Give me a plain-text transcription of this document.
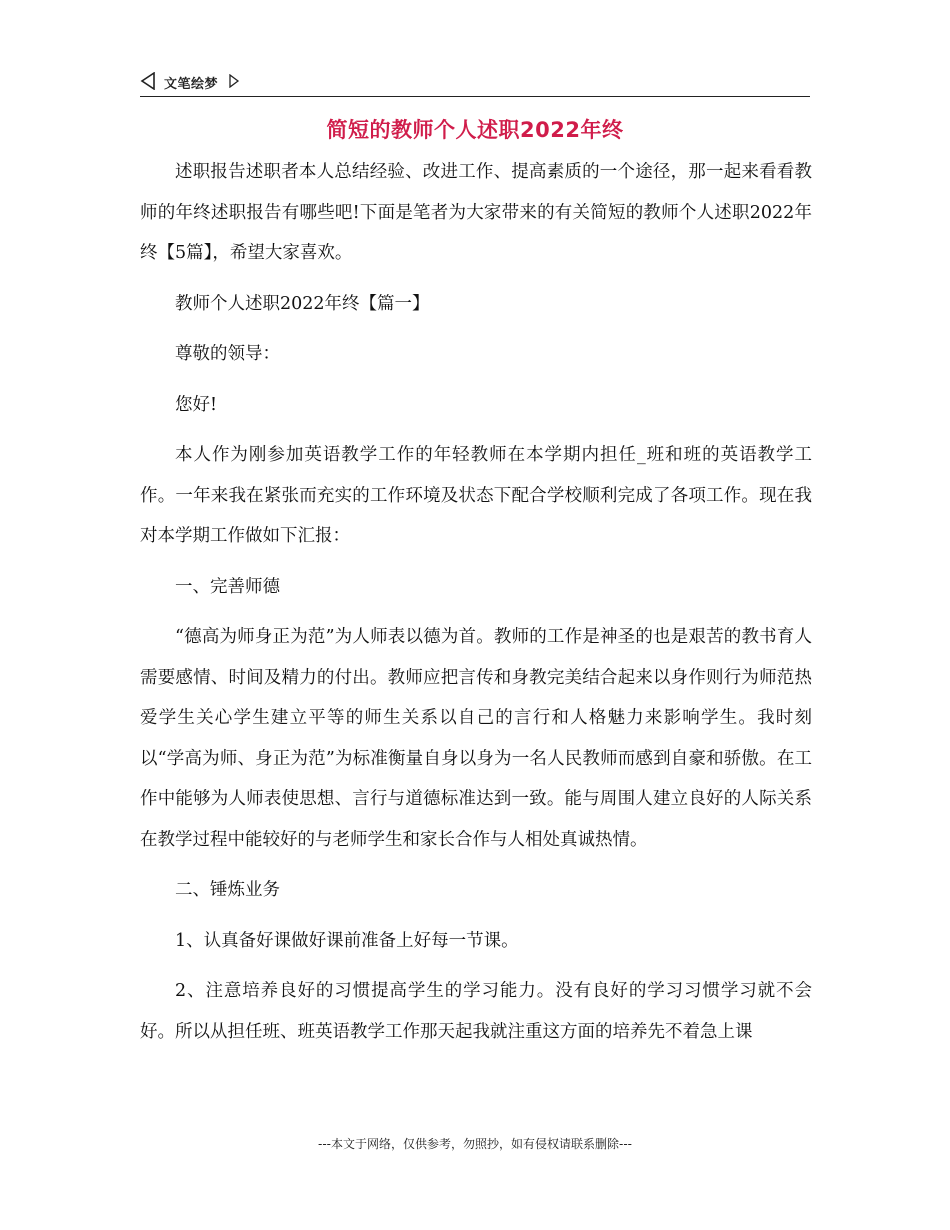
文笔绘梦
简短的教师个人述职2022年终

述职报告述职者本人总结经验、改进工作、提高素质的一个途径，那一起来看看教师的年终述职报告有哪些吧!下面是笔者为大家带来的有关简短的教师个人述职2022年终【5篇】，希望大家喜欢。

教师个人述职2022年终【篇一】

尊敬的领导：

您好!

本人作为刚参加英语教学工作的年轻教师在本学期内担任_班和班的英语教学工作。一年来我在紧张而充实的工作环境及状态下配合学校顺利完成了各项工作。现在我对本学期工作做如下汇报：

一、完善师德

“德高为师身正为范”为人师表以德为首。教师的工作是神圣的也是艰苦的教书育人需要感情、时间及精力的付出。教师应把言传和身教完美结合起来以身作则行为师范热爱学生关心学生建立平等的师生关系以自己的言行和人格魅力来影响学生。我时刻以“学高为师、身正为范”为标准衡量自身以身为一名人民教师而感到自豪和骄傲。在工作中能够为人师表使思想、言行与道德标准达到一致。能与周围人建立良好的人际关系在教学过程中能较好的与老师学生和家长合作与人相处真诚热情。

二、锤炼业务

1、认真备好课做好课前准备上好每一节课。

2、注意培养良好的习惯提高学生的学习能力。没有良好的学习习惯学习就不会好。所以从担任班、班英语教学工作那天起我就注重这方面的培养先不着急上课

---本文于网络，仅供参考，勿照抄，如有侵权请联系删除---
